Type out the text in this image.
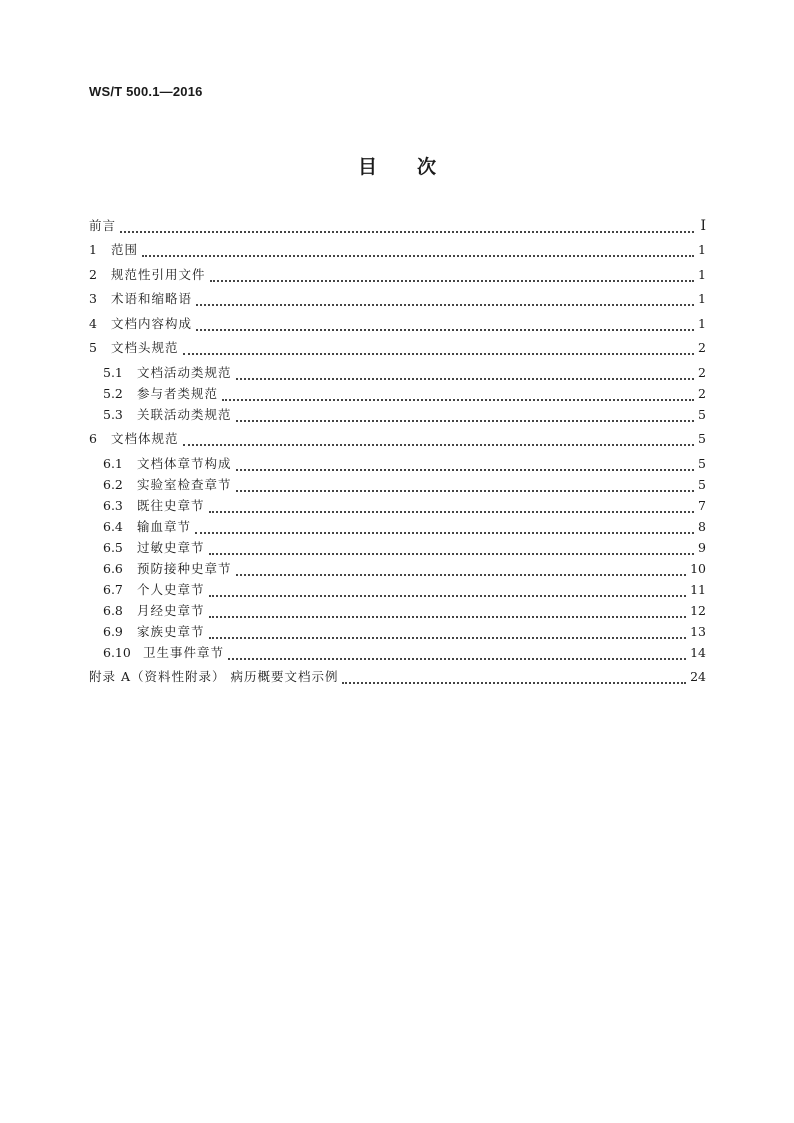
WS/T 500.1—2016
目 次
前言	Ⅰ
1	范围	1
2	规范性引用文件	1
3	术语和缩略语	1
4	文档内容构成	1
5	文档头规范	2
5.1	文档活动类规范	2
5.2	参与者类规范	2
5.3	关联活动类规范	5
6	文档体规范	5
6.1	文档体章节构成	5
6.2	实验室检查章节	5
6.3	既往史章节	7
6.4	输血章节	8
6.5	过敏史章节	9
6.6	预防接种史章节	10
6.7	个人史章节	11
6.8	月经史章节	12
6.9	家族史章节	13
6.10 卫生事件章节	14
附录 A（资料性附录） 病历概要文档示例	24
